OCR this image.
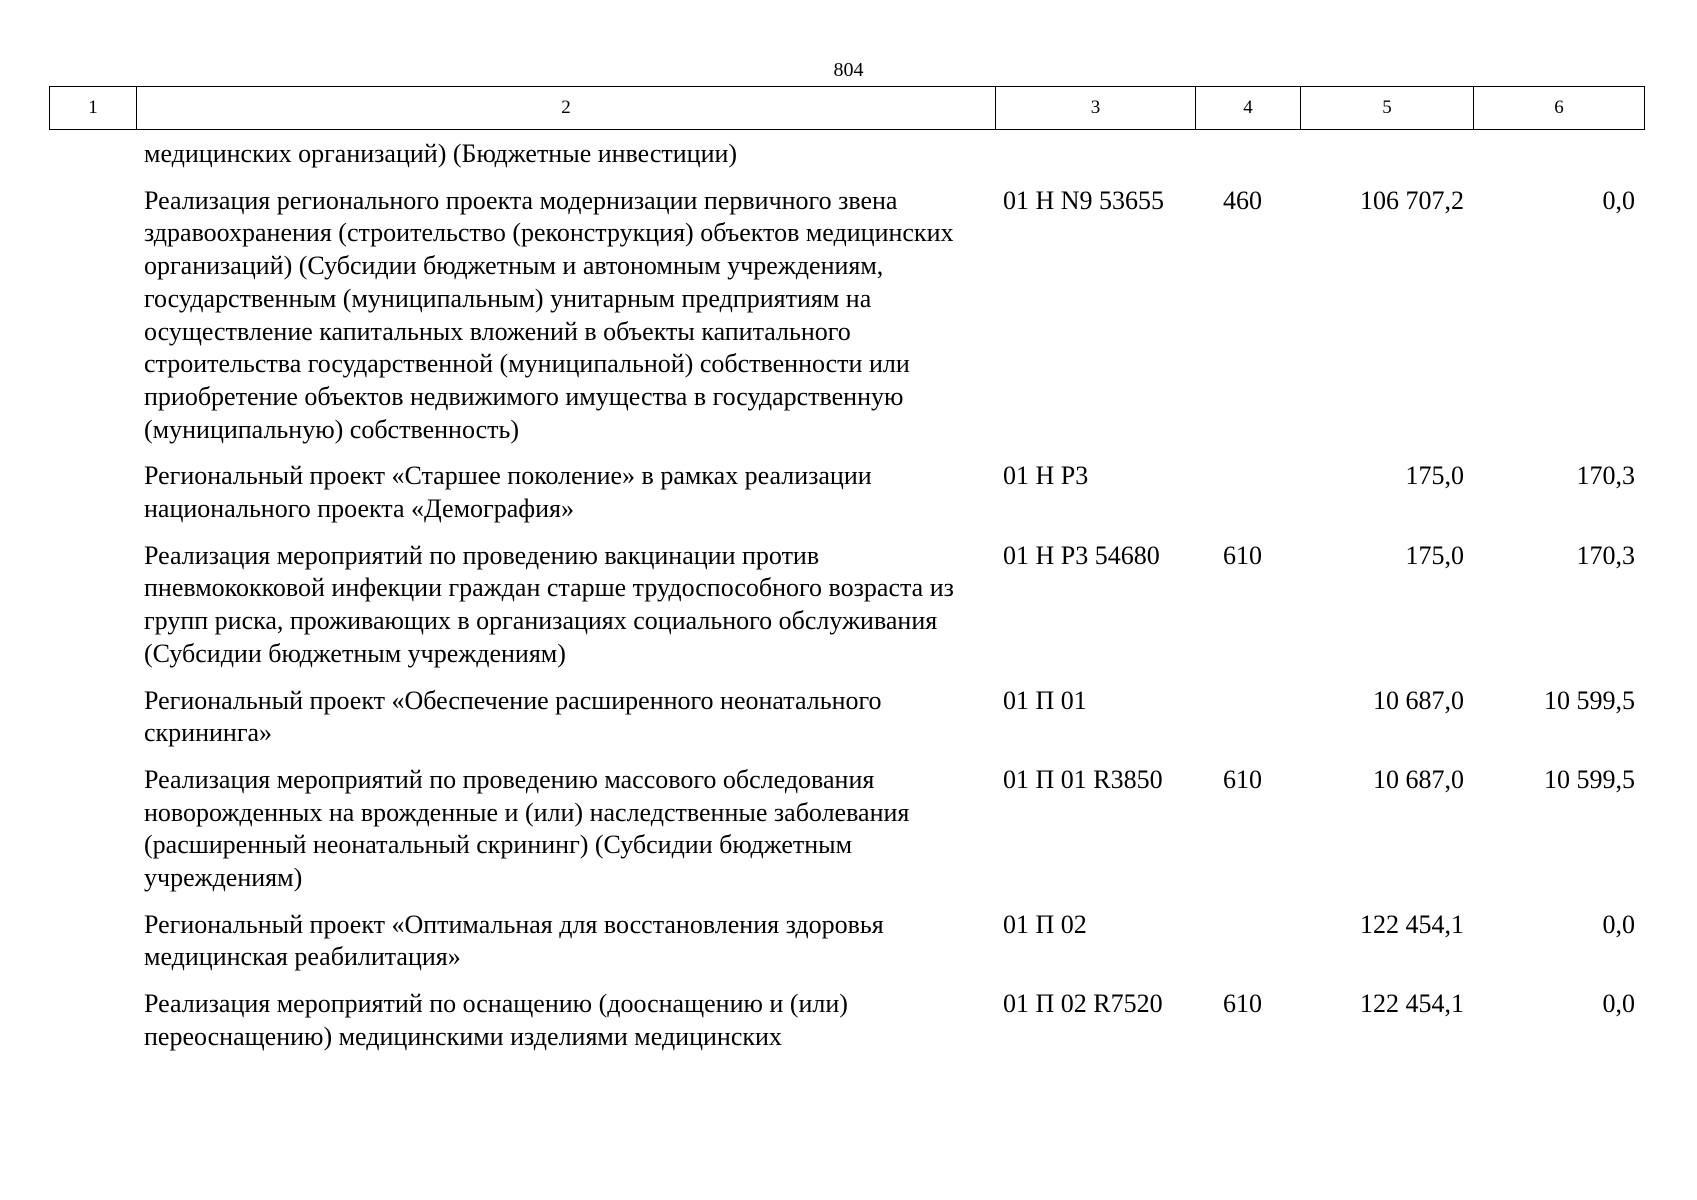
804
1	2	3	4	5	6
медицинских организаций) (Бюджетные инвестиции)				
Реализация регионального проекта модернизации первичного звена здравоохранения (строительство (реконструкция) объектов медицинских организаций) (Субсидии бюджетным и автономным учреждениям, государственным (муниципальным) унитарным предприятиям на осуществление капитальных вложений в объекты капитального строительства государственной (муниципальной) собственности или приобретение объектов недвижимого имущества в государственную (муниципальную) собственность)	01 Н N9 53655	460	106 707,2	0,0
Региональный проект «Старшее поколение» в рамках реализации национального проекта «Демография»	01 Н P3		175,0	170,3
Реализация мероприятий по проведению вакцинации против пневмококковой инфекции граждан старше трудоспособного возраста из групп риска, проживающих в организациях социального обслуживания (Субсидии бюджетным учреждениям)	01 Н P3 54680	610	175,0	170,3
Региональный проект «Обеспечение расширенного неонатального скрининга»	01 П 01		10 687,0	10 599,5
Реализация мероприятий по проведению массового обследования новорожденных на врожденные и (или) наследственные заболевания (расширенный неонатальный скрининг) (Субсидии бюджетным учреждениям)	01 П 01 R3850	610	10 687,0	10 599,5
Региональный проект «Оптимальная для восстановления здоровья медицинская реабилитация»	01 П 02		122 454,1	0,0
Реализация мероприятий по оснащению (дооснащению и (или) переоснащению) медицинскими изделиями медицинских	01 П 02 R7520	610	122 454,1	0,0
